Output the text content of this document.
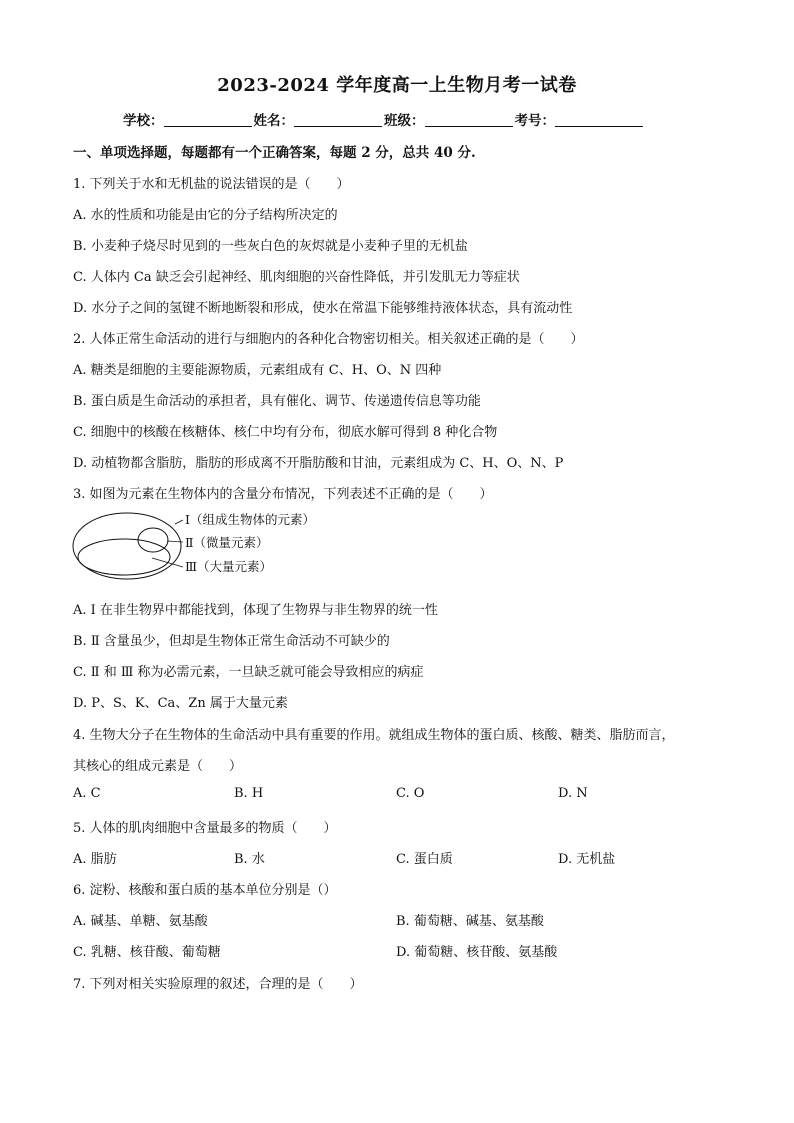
2023-2024 学年度高一上生物月考一试卷
学校：	姓名：	班级：	考号：
一、单项选择题，每题都有一个正确答案，每题 2 分，总共 40 分.
1. 下列关于水和无机盐的说法错误的是（　　）
A. 水的性质和功能是由它的分子结构所决定的
B. 小麦种子烧尽时见到的一些灰白色的灰烬就是小麦种子里的无机盐
C. 人体内 Ca 缺乏会引起神经、肌肉细胞的兴奋性降低，并引发肌无力等症状
D. 水分子之间的氢键不断地断裂和形成，使水在常温下能够维持液体状态，具有流动性
2. 人体正常生命活动的进行与细胞内的各种化合物密切相关。相关叙述正确的是（　　）
A. 糖类是细胞的主要能源物质，元素组成有 C、H、O、N 四种
B. 蛋白质是生命活动的承担者，具有催化、调节、传递遗传信息等功能
C. 细胞中的核酸在核糖体、核仁中均有分布，彻底水解可得到 8 种化合物
D. 动植物都含脂肪，脂肪的形成离不开脂肪酸和甘油，元素组成为 C、H、O、N、P
3. 如图为元素在生物体内的含量分布情况，下列表述不正确的是（　　）
Ⅰ（组成生物体的元素）
Ⅱ（微量元素）
Ⅲ（大量元素）
A. Ⅰ 在非生物界中都能找到，体现了生物界与非生物界的统一性
B. Ⅱ 含量虽少，但却是生物体正常生命活动不可缺少的
C. Ⅱ 和 Ⅲ 称为必需元素，一旦缺乏就可能会导致相应的病症
D. P、S、K、Ca、Zn 属于大量元素
4. 生物大分子在生物体的生命活动中具有重要的作用。就组成生物体的蛋白质、核酸、糖类、脂肪而言，
其核心的组成元素是（　　）
A. C	B. H	C. O	D. N
5. 人体的肌肉细胞中含量最多的物质（　　）
A. 脂肪	B. 水	C. 蛋白质	D. 无机盐
6. 淀粉、核酸和蛋白质的基本单位分别是（）
A. 碱基、单糖、氨基酸	B. 葡萄糖、碱基、氨基酸
C. 乳糖、核苷酸、葡萄糖	D. 葡萄糖、核苷酸、氨基酸
7. 下列对相关实验原理的叙述，合理的是（　　）
